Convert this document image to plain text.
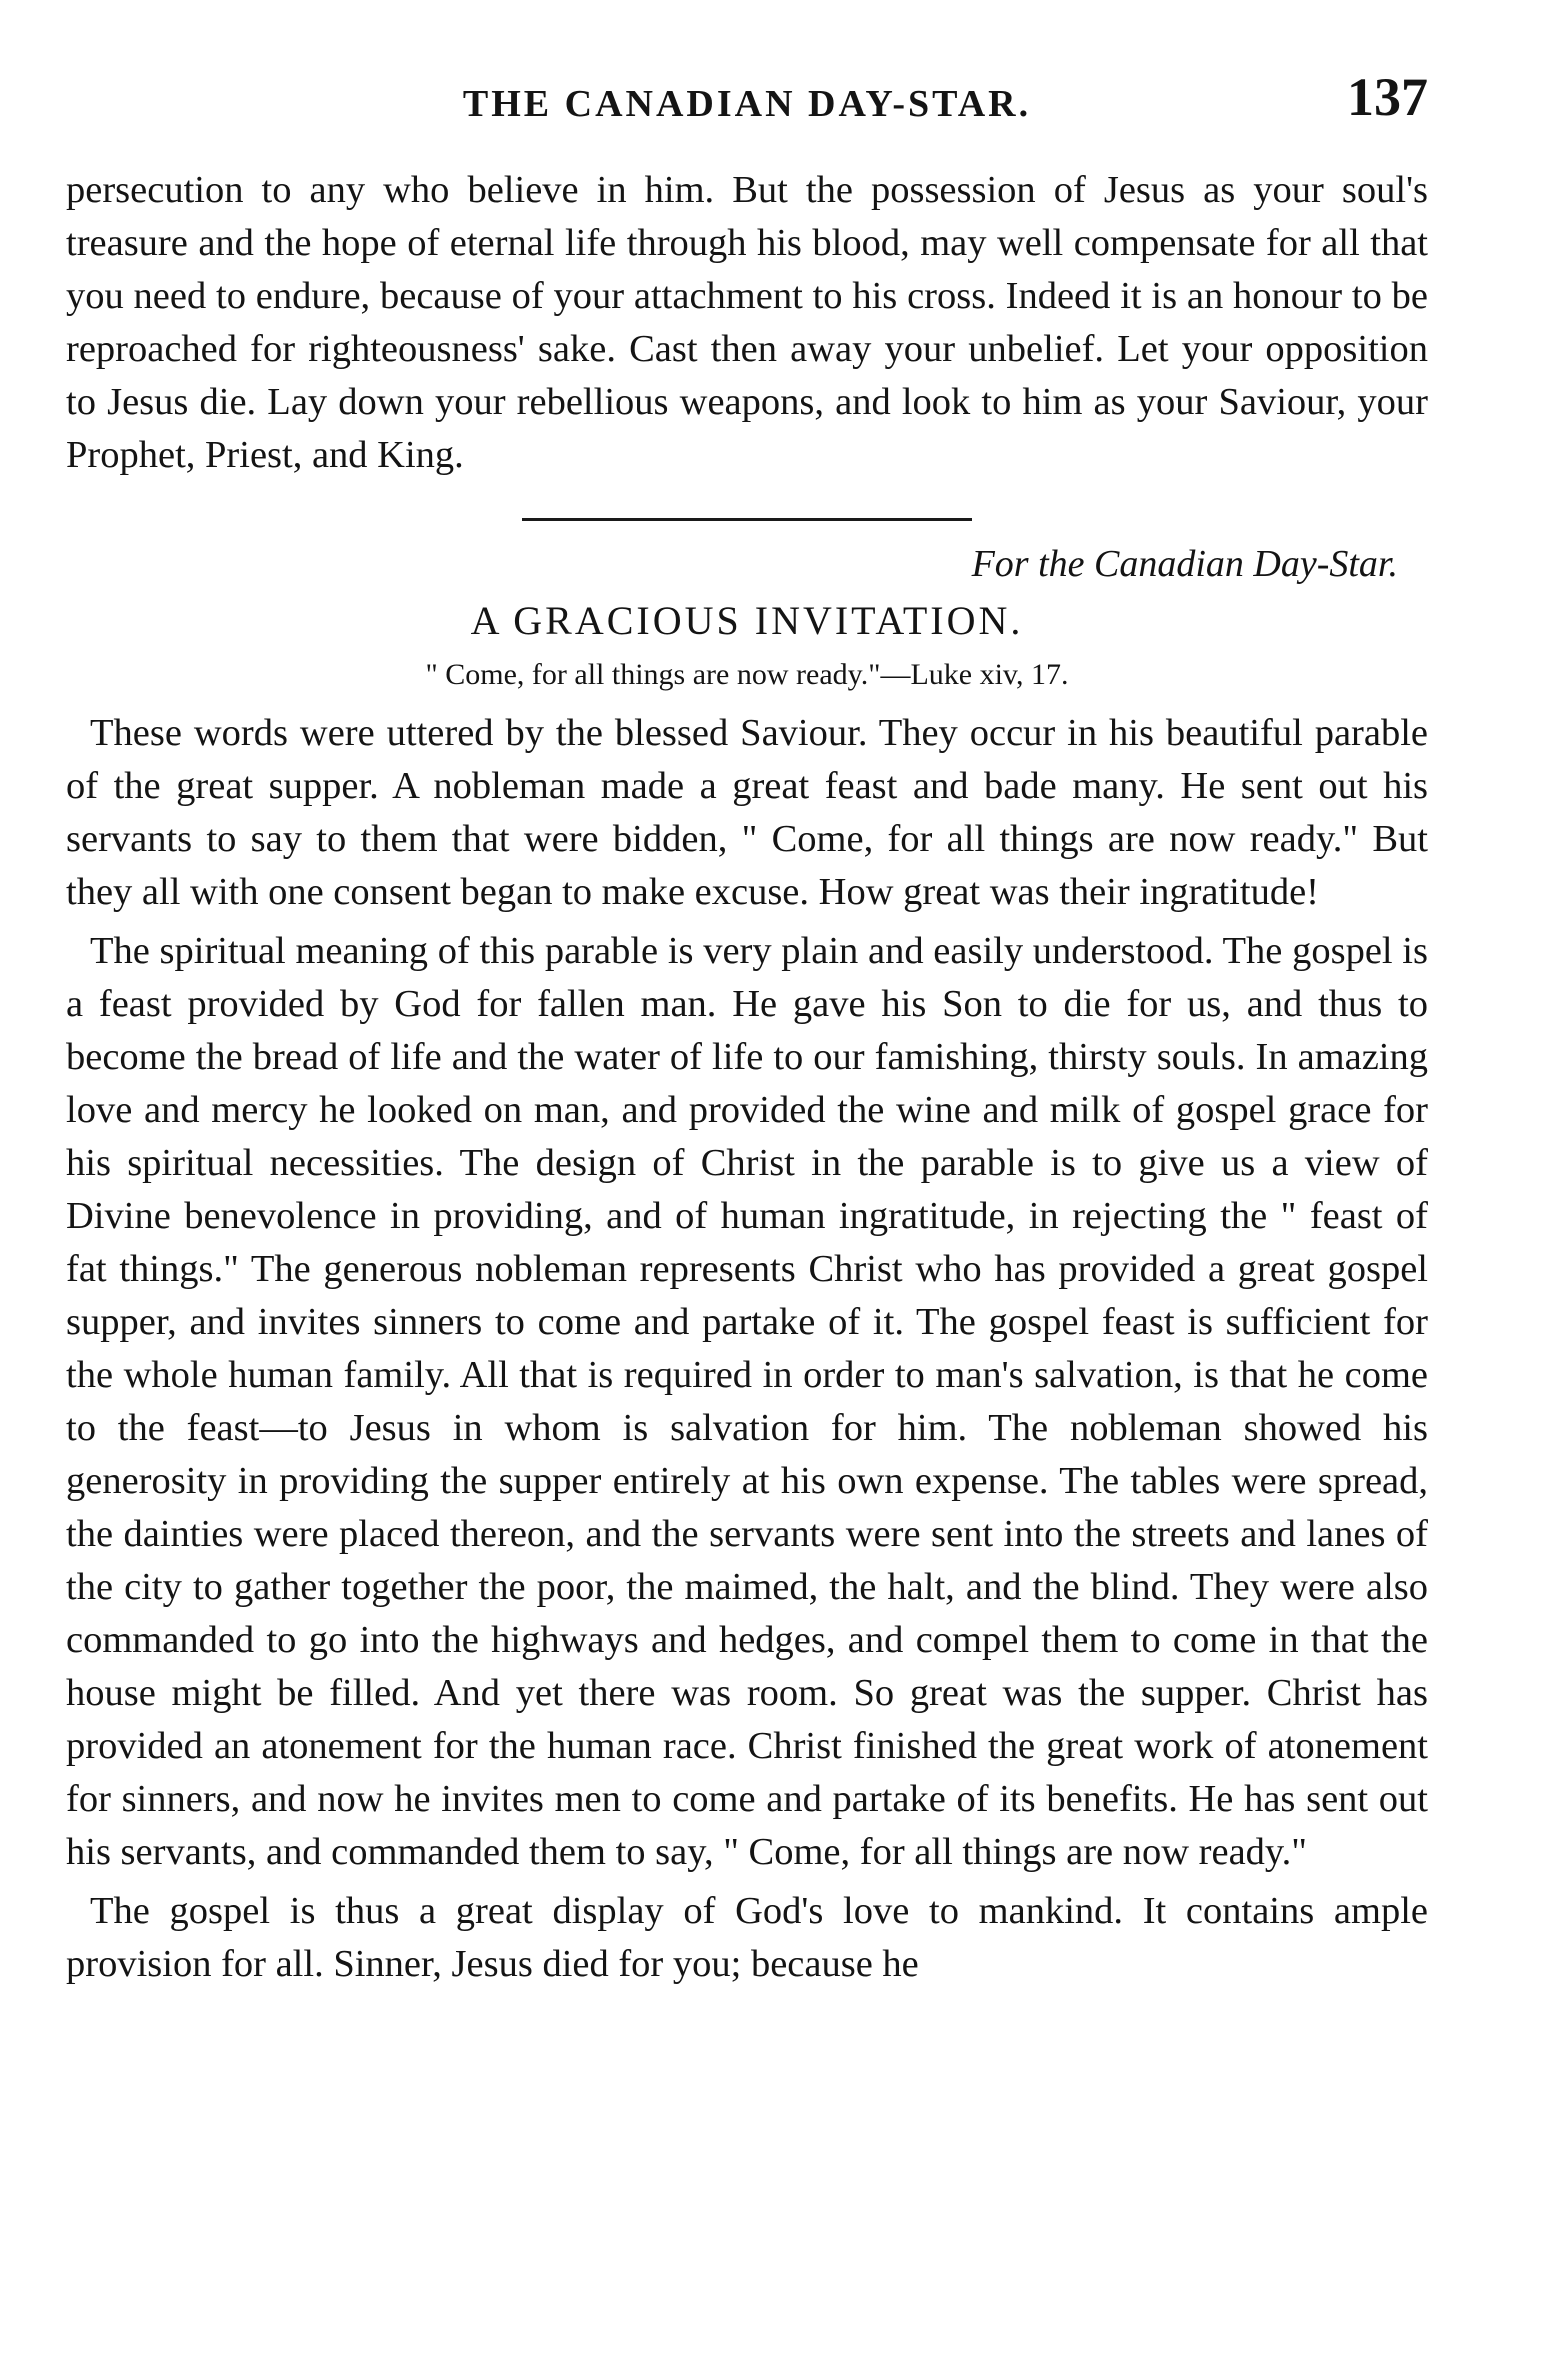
THE CANADIAN DAY-STAR.	137

persecution to any who believe in him. But the possession of Jesus as your soul's treasure and the hope of eternal life through his blood, may well compensate for all that you need to endure, because of your attachment to his cross. Indeed it is an honour to be reproached for righteousness' sake. Cast then away your unbelief. Let your opposition to Jesus die. Lay down your rebellious weapons, and look to him as your Saviour, your Prophet, Priest, and King.

For the Canadian Day-Star.
A GRACIOUS INVITATION.
" Come, for all things are now ready."—Luke xiv, 17.

These words were uttered by the blessed Saviour. They occur in his beautiful parable of the great supper. A nobleman made a great feast and bade many. He sent out his servants to say to them that were bidden, " Come, for all things are now ready." But they all with one consent began to make excuse. How great was their ingratitude!

The spiritual meaning of this parable is very plain and easily understood. The gospel is a feast provided by God for fallen man. He gave his Son to die for us, and thus to become the bread of life and the water of life to our famishing, thirsty souls. In amazing love and mercy he looked on man, and provided the wine and milk of gospel grace for his spiritual necessities. The design of Christ in the parable is to give us a view of Divine benevolence in providing, and of human ingratitude, in rejecting the " feast of fat things." The generous nobleman represents Christ who has provided a great gospel supper, and invites sinners to come and partake of it. The gospel feast is sufficient for the whole human family. All that is required in order to man's salvation, is that he come to the feast—to Jesus in whom is salvation for him. The nobleman showed his generosity in providing the supper entirely at his own expense. The tables were spread, the dainties were placed thereon, and the servants were sent into the streets and lanes of the city to gather together the poor, the maimed, the halt, and the blind. They were also commanded to go into the highways and hedges, and compel them to come in that the house might be filled. And yet there was room. So great was the supper. Christ has provided an atonement for the human race. Christ finished the great work of atonement for sinners, and now he invites men to come and partake of its benefits. He has sent out his servants, and commanded them to say, " Come, for all things are now ready."

The gospel is thus a great display of God's love to mankind. It contains ample provision for all. Sinner, Jesus died for you; because he
